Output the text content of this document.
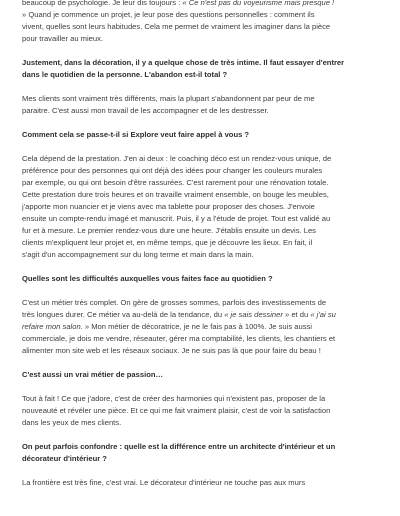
beaucoup de psychologie. Je leur dis toujours : « Ce n'est pas du voyeurisme mais presque !
» Quand je commence un projet, je leur pose des questions personnelles : comment ils
vivent, quelles sont leurs habitudes. Cela me permet de vraiment les imaginer dans la pièce
pour travailler au mieux.
Justement, dans la décoration, il y a quelque chose de très intime. Il faut essayer d'entrer
dans le quotidien de la personne. L'abandon est-il total ?
Mes clients sont vraiment très différents, mais la plupart s'abandonnent par peur de me
paraitre. C'est aussi mon travail de les accompagner et de les destresser.
Comment cela se passe-t-il si Explore veut faire appel à vous ?
Cela dépend de la prestation. J'en ai deux : le coaching déco est un rendez-vous unique, de
préférence pour des personnes qui ont déjà des idées pour changer les couleurs murales
par exemple, ou qui ont besoin d'être rassurées. C'est rarement pour une rénovation totale.
Cette prestation dure trois heures et on travaille vraiment ensemble, on bouge les meubles,
j'apporte mon nuancier et je viens avec ma tablette pour proposer des choses. J'envoie
ensuite un compte-rendu imagé et manuscrit. Puis, il y a l'étude de projet. Tout est validé au
fur et à mesure. Le premier rendez-vous dure une heure. J'établis ensuite un devis. Les
clients m'expliquent leur projet et, en même temps, que je découvre les lieux. En fait, il
s'agit d'un accompagnement sur du long terme et main dans la main.
Quelles sont les difficultés auxquelles vous faites face au quotidien ?
C'est un métier très complet. On gère de grosses sommes, parfois des investissements de
très longues durer. Ce métier va au-delà de la tendance, du « je sais dessiner » et du « j'ai su
refaire mon salon. » Mon métier de décoratrice, je ne le fais pas à 100%. Je suis aussi
commerciale, je dois me vendre, réseauter, gérer ma comptabilité, les clients, les chantiers et
alimenter mon site web et les réseaux sociaux. Je ne suis pas là que pour faire du beau !
C'est aussi un vrai métier de passion…
Tout à fait ! Ce que j'adore, c'est de créer des harmonies qui n'existent pas, proposer de la
nouveauté et révéler une pièce. Et ce qui me fait vraiment plaisir, c'est de voir la satisfaction
dans les yeux de mes clients.
On peut parfois confondre : quelle est la différence entre un architecte d'intérieur et un
décorateur d'intérieur ?
La frontière est très fine, c'est vrai. Le décorateur d'intérieur ne touche pas aux murs
